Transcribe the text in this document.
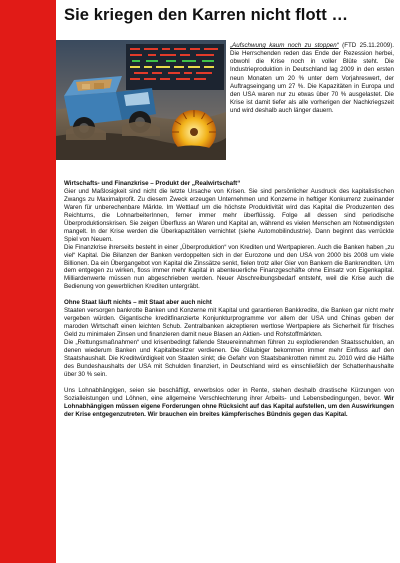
Sie kriegen den Karren nicht flott …
„Aufschwung kaum noch zu stoppen“ (FTD 25.11.2009). Die Herrschenden reden das Ende der Rezession herbei, obwohl die Krise noch in voller Blüte steht. Die Industrieproduktion in Deutschland lag 2009 in den ersten neun Monaten um 20 % unter dem Vorjahreswert, der Auftragseingang um 27 %. Die Kapazitäten in Europa und den USA waren nur zu etwas über 70 % ausgelastet. Die Krise ist damit tiefer als alle vorherigen der Nachkriegszeit und wird deshalb auch länger dauern.

Wirtschafts- und Finanzkrise – Produkt der „Realwirtschaft“

Gier und Maßlosigkeit sind nicht die letzte Ursache von Krisen. Sie sind persönlicher Ausdruck des kapitalistischen Zwangs zu Maximalprofit. Zu diesem Zweck erzeugen Unternehmen und Konzerne in heftiger Konkurrenz zueinander Waren für unberechenbare Märkte. Im Wettlauf um die höchste Produktivität wird das Kapital die Produzenten des Reichtums, die LohnarbeiterInnen, ferner immer mehr überflüssig. Folge all dessen sind periodische Überproduktionskrisen. Sie zeigen Überfluss an Waren und Kapital an, während es vielen Menschen am Notwendigsten mangelt. In der Krise werden die Überkapazitäten vernichtet (siehe Automobilindustrie). Dann beginnt das verrückte Spiel von Neuem.

Die Finanzkrise ihrerseits besteht in einer „Überproduktion“ von Krediten und Wertpapieren. Auch die Banken haben „zu viel“ Kapital. Die Bilanzen der Banken verdoppelten sich in der Eurozone und den USA von 2000 bis 2008 um viele Billionen. Da ein Übergangebot von Kapital die Zinssätze senkt, fielen trotz aller Gier von Bankern die Bankrenditen. Um dem entgegen zu wirken, floss immer mehr Kapital in abenteuerliche Finanzgeschäfte ohne Einsatz von Eigenkapital. Milliardenwerte müssen nun abgeschrieben werden. Neuer Abschreibungsbedarf entsteht, weil die Krise auch die Bedienung von gewerblichen Krediten untergräbt.

Ohne Staat läuft nichts – mit Staat aber auch nicht

Staaten versorgen bankrotte Banken und Konzerne mit Kapital und garantieren Bankkredite, die Banken gar nicht mehr vergeben würden. Gigantische kreditfinanzierte Konjunkturprogramme vor allem der USA und Chinas geben der maroden Wirtschaft einen leichten Schub. Zentralbanken akzeptieren wertlose Wertpapiere als Sicherheit für frisches Geld zu minimalen Zinsen und finanzieren damit neue Blasen an Aktien- und Rohstoffmärkten.

Die „Rettungsmaßnahmen“ und krisenbedingt fallende Steuereinnahmen führen zu explodierenden Staatsschulden, an denen wiederum Banken und Kapitalbesitzer verdienen. Die Gläubiger bekommen immer mehr Einfluss auf den Staatshaushalt. Die Kreditwürdigkeit von Staaten sinkt; die Gefahr von Staatsbankrotten nimmt zu. 2010 wird die Hälfte des Bundeshaushalts der USA mit Schulden finanziert, in Deutschland wird es einschließlich der Schattenhaushalte über 30 % sein.

Uns Lohnabhängigen, seien sie beschäftigt, erwerbslos oder in Rente, stehen deshalb drastische Kürzungen von Sozialleistungen und Löhnen, eine allgemeine Verschlechterung ihrer Arbeits- und Lebensbedingungen, bevor. Wir Lohnabhängigen müssen eigene Forderungen ohne Rücksicht auf das Kapital aufstellen, um den Auswirkungen der Krise entgegenzutreten. Wir brauchen ein breites kämpferisches Bündnis gegen das Kapital.
